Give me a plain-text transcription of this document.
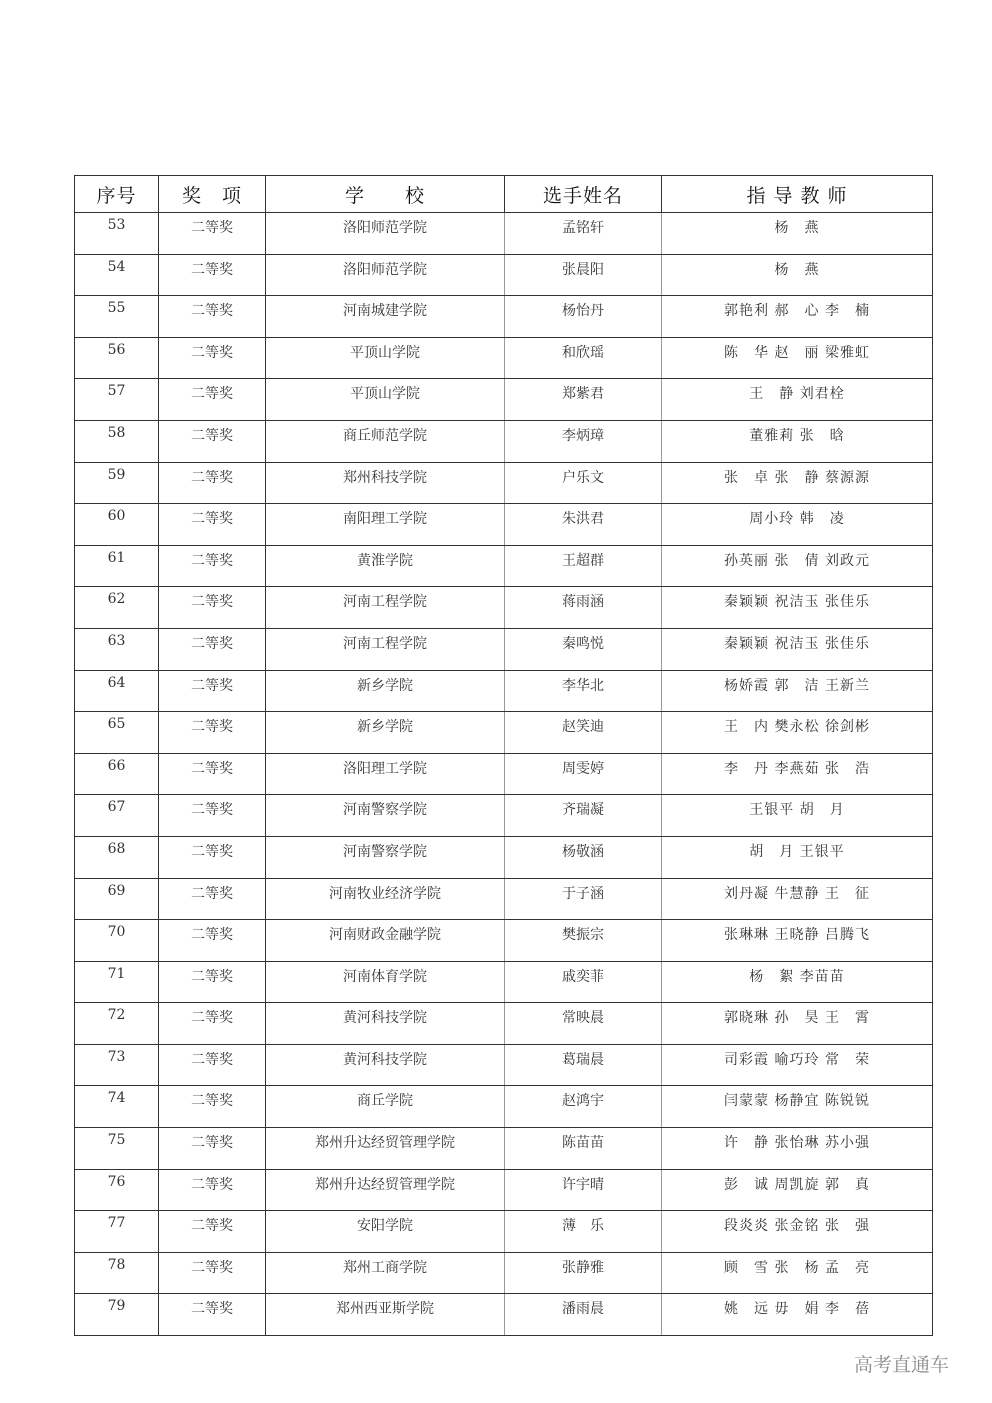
序号	奖　项	学　　校	选手姓名	指 导 教 师
53	二等奖	洛阳师范学院	孟铭轩	杨　燕
54	二等奖	洛阳师范学院	张晨阳	杨　燕
55	二等奖	河南城建学院	杨怡丹	郭艳利 郝　心 李　楠
56	二等奖	平顶山学院	和欣瑶	陈　华 赵　丽 梁雅虹
57	二等奖	平顶山学院	郑紫君	王　静 刘君栓
58	二等奖	商丘师范学院	李炳璋	董雅莉 张　晗
59	二等奖	郑州科技学院	户乐文	张　卓 张　静 蔡源源
60	二等奖	南阳理工学院	朱洪君	周小玲 韩　凌
61	二等奖	黄淮学院	王超群	孙英丽 张　倩 刘政元
62	二等奖	河南工程学院	蒋雨涵	秦颖颖 祝洁玉 张佳乐
63	二等奖	河南工程学院	秦鸣悦	秦颖颖 祝洁玉 张佳乐
64	二等奖	新乡学院	李华北	杨娇霞 郭　洁 王新兰
65	二等奖	新乡学院	赵笑迪	王　内 樊永松 徐剑彬
66	二等奖	洛阳理工学院	周雯婷	李　丹 李燕茹 张　浩
67	二等奖	河南警察学院	齐瑞凝	王银平 胡　月
68	二等奖	河南警察学院	杨敬涵	胡　月 王银平
69	二等奖	河南牧业经济学院	于子涵	刘丹凝 牛慧静 王　征
70	二等奖	河南财政金融学院	樊振宗	张琳琳 王晓静 吕腾飞
71	二等奖	河南体育学院	戚奕菲	杨　絮 李苗苗
72	二等奖	黄河科技学院	常映晨	郭晓琳 孙　昊 王　霄
73	二等奖	黄河科技学院	葛瑞晨	司彩霞 喻巧玲 常　荣
74	二等奖	商丘学院	赵鸿宇	闫蒙蒙 杨静宜 陈锐锐
75	二等奖	郑州升达经贸管理学院	陈苗苗	许　静 张怡琳 苏小强
76	二等奖	郑州升达经贸管理学院	许宇晴	彭　诚 周凯旋 郭　真
77	二等奖	安阳学院	薄　乐	段炎炎 张金铭 张　强
78	二等奖	郑州工商学院	张静雅	顾　雪 张　杨 孟　亮
79	二等奖	郑州西亚斯学院	潘雨晨	姚　远 毋　娟 李　蓓
高考直通车
